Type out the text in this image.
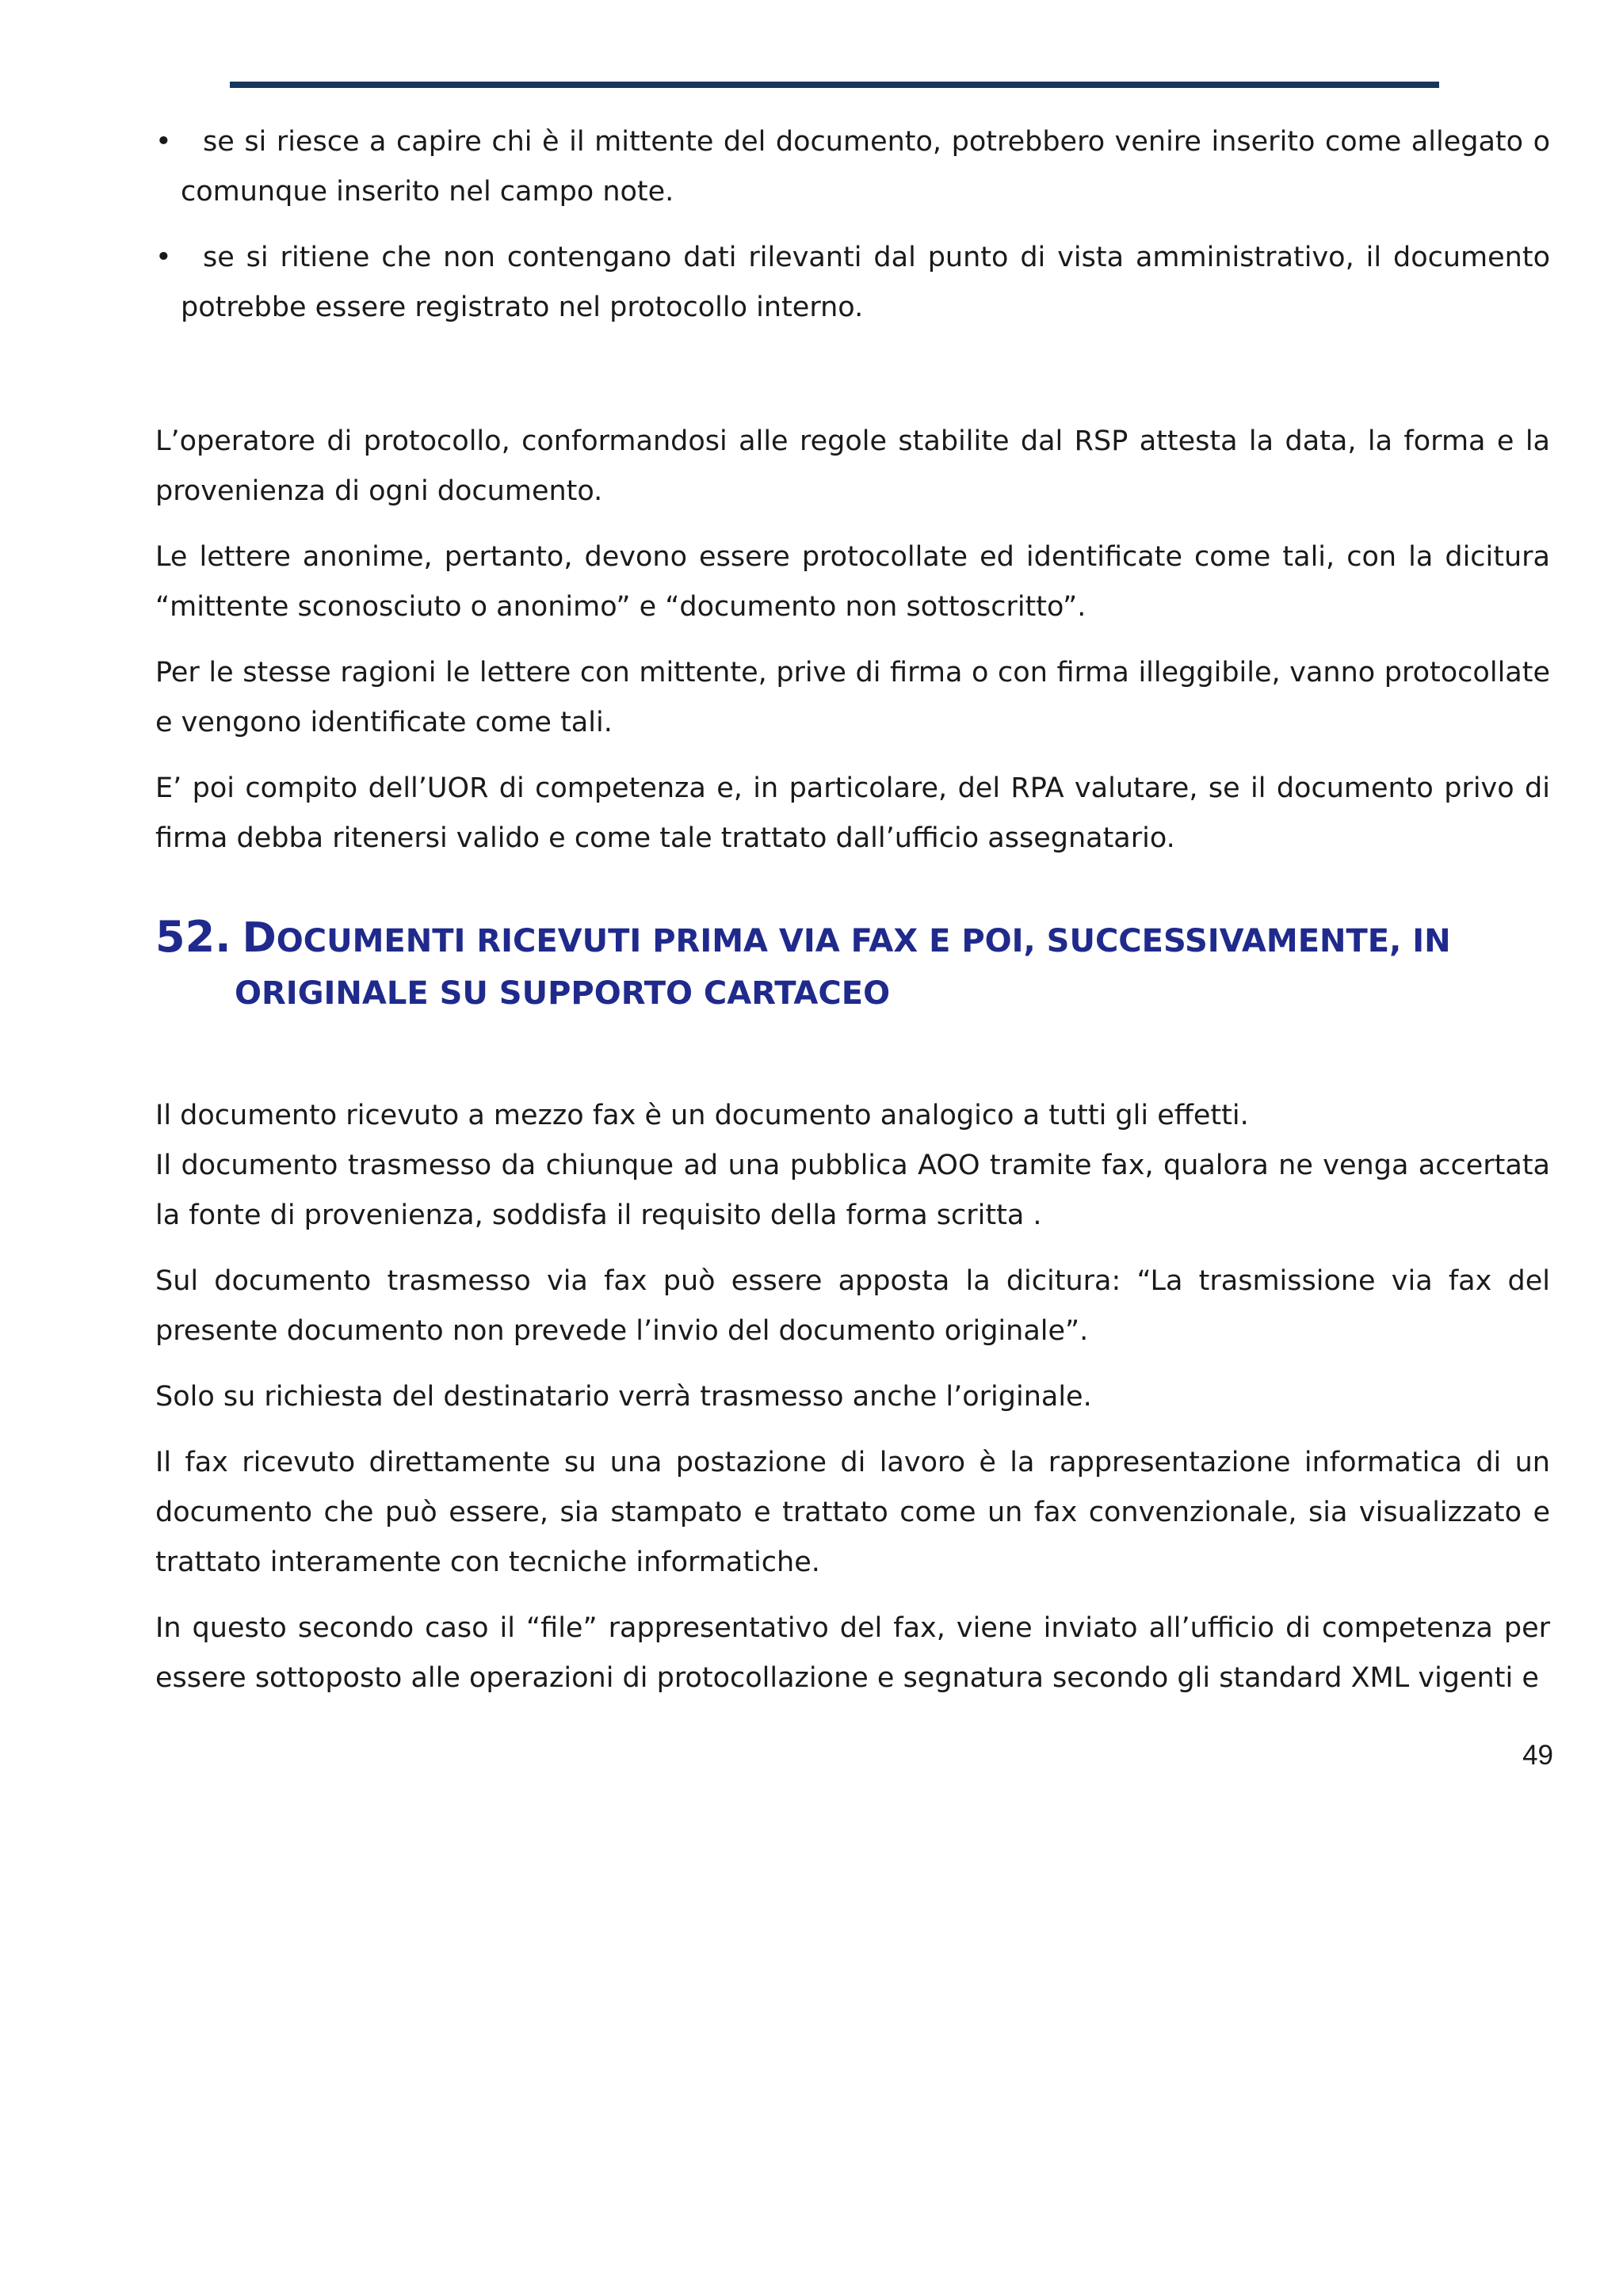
•	se si riesce a capire chi è il mittente del documento, potrebbero venire inserito come allegato o comunque inserito nel campo note.
•	se si ritiene che non contengano dati rilevanti dal punto di vista amministrativo, il documento potrebbe essere registrato nel protocollo interno.

L’operatore di protocollo, conformandosi alle regole stabilite dal RSP attesta la data, la forma e la provenienza di ogni documento.

Le lettere anonime, pertanto, devono essere protocollate ed identificate come tali, con la dicitura “mittente sconosciuto o anonimo” e “documento non sottoscritto”.

Per le stesse ragioni le lettere con mittente, prive di firma o con firma illeggibile, vanno protocollate e vengono identificate come tali.

E’ poi compito dell’UOR di competenza e, in particolare, del RPA valutare, se il documento privo di firma debba ritenersi valido e come tale trattato dall’ufficio assegnatario.

52. DOCUMENTI RICEVUTI PRIMA VIA FAX E POI, SUCCESSIVAMENTE, IN
ORIGINALE SU SUPPORTO CARTACEO

Il documento ricevuto a mezzo fax è un documento analogico a tutti gli effetti.

Il documento trasmesso da chiunque ad una pubblica AOO tramite fax, qualora ne venga accertata la fonte di provenienza, soddisfa il requisito della forma scritta .

Sul documento trasmesso via fax può essere apposta la dicitura: “La trasmissione via fax del presente documento non prevede l’invio del documento originale”.

Solo su richiesta del destinatario verrà trasmesso anche l’originale.

Il fax ricevuto direttamente su una postazione di lavoro è la rappresentazione informatica di un documento che può essere, sia stampato e trattato come un fax convenzionale, sia visualizzato e trattato interamente con tecniche informatiche.

In questo secondo caso il “file” rappresentativo del fax, viene inviato all’ufficio di competenza per essere sottoposto alle operazioni di protocollazione e segnatura secondo gli standard XML vigenti e

49
